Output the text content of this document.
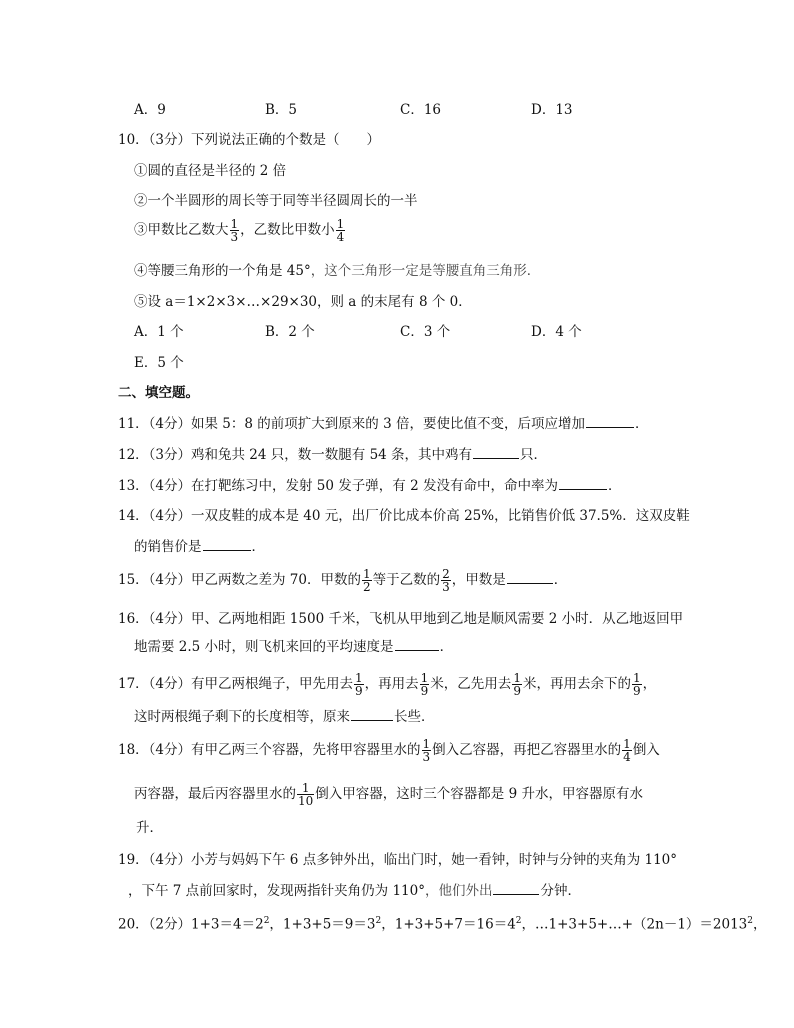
A．9	B．5	C．16	D．13
10．（3分）下列说法正确的个数是（　　）
①圆的直径是半径的 2 倍
②一个半圆形的周长等于同等半径圆周长的一半
③甲数比乙数大 $\frac{1}{3}$ ，乙数比甲数小 $\frac{1}{4}$
④等腰三角形的一个角是 45°，这个三角形一定是等腰直角三角形．
⑤设 a＝1×2×3×…×29×30，则 a 的末尾有 8 个 0．
A．1 个	B．2 个	C．3 个	D．4 个
E．5 个
二、填空题。
11．（4分）如果 5：8 的前项扩大到原来的 3 倍，要使比值不变，后项应增加	．
12．（3分）鸡和兔共 24 只，数一数腿有 54 条，其中鸡有	只．
13．（4分）在打靶练习中，发射 50 发子弹，有 2 发没有命中，命中率为	．
14．（4分）一双皮鞋的成本是 40 元，出厂价比成本价高 25%，比销售价低 37.5%．这双皮鞋
的销售价是	．
15．（4分）甲乙两数之差为 70．甲数的 $\frac{1}{2}$ 等于乙数的 $\frac{2}{3}$ ，甲数是	．
16．（4分）甲、乙两地相距 1500 千米，飞机从甲地到乙地是顺风需要 2 小时．从乙地返回甲
地需要 2.5 小时，则飞机来回的平均速度是	．
17．（4分）有甲乙两根绳子，甲先用去 $\frac{1}{9}$ ，再用去 $\frac{1}{9}$ 米，乙先用去 $\frac{1}{9}$ 米，再用去余下的 $\frac{1}{9}$ ，
这时两根绳子剩下的长度相等，原来	长些．
18．（4分）有甲乙两三个容器，先将甲容器里水的 $\frac{1}{3}$ 倒入乙容器，再把乙容器里水的 $\frac{1}{4}$ 倒入
丙容器，最后丙容器里水的 $\frac{1}{10}$ 倒入甲容器，这时三个容器都是 9 升水，甲容器原有水
升．
19．（4分）小芳与妈妈下午 6 点多钟外出，临出门时，她一看钟，时钟与分钟的夹角为 110°
，下午 7 点前回家时，发现两指针夹角仍为 110°，他们外出	分钟．
20．（2分）$1+3=4=2^2$，$1+3+5=9=3^2$，$1+3+5+7=16=4^2$，$\dots 1+3+5+\dots+(2n-1)=2013^2$，
